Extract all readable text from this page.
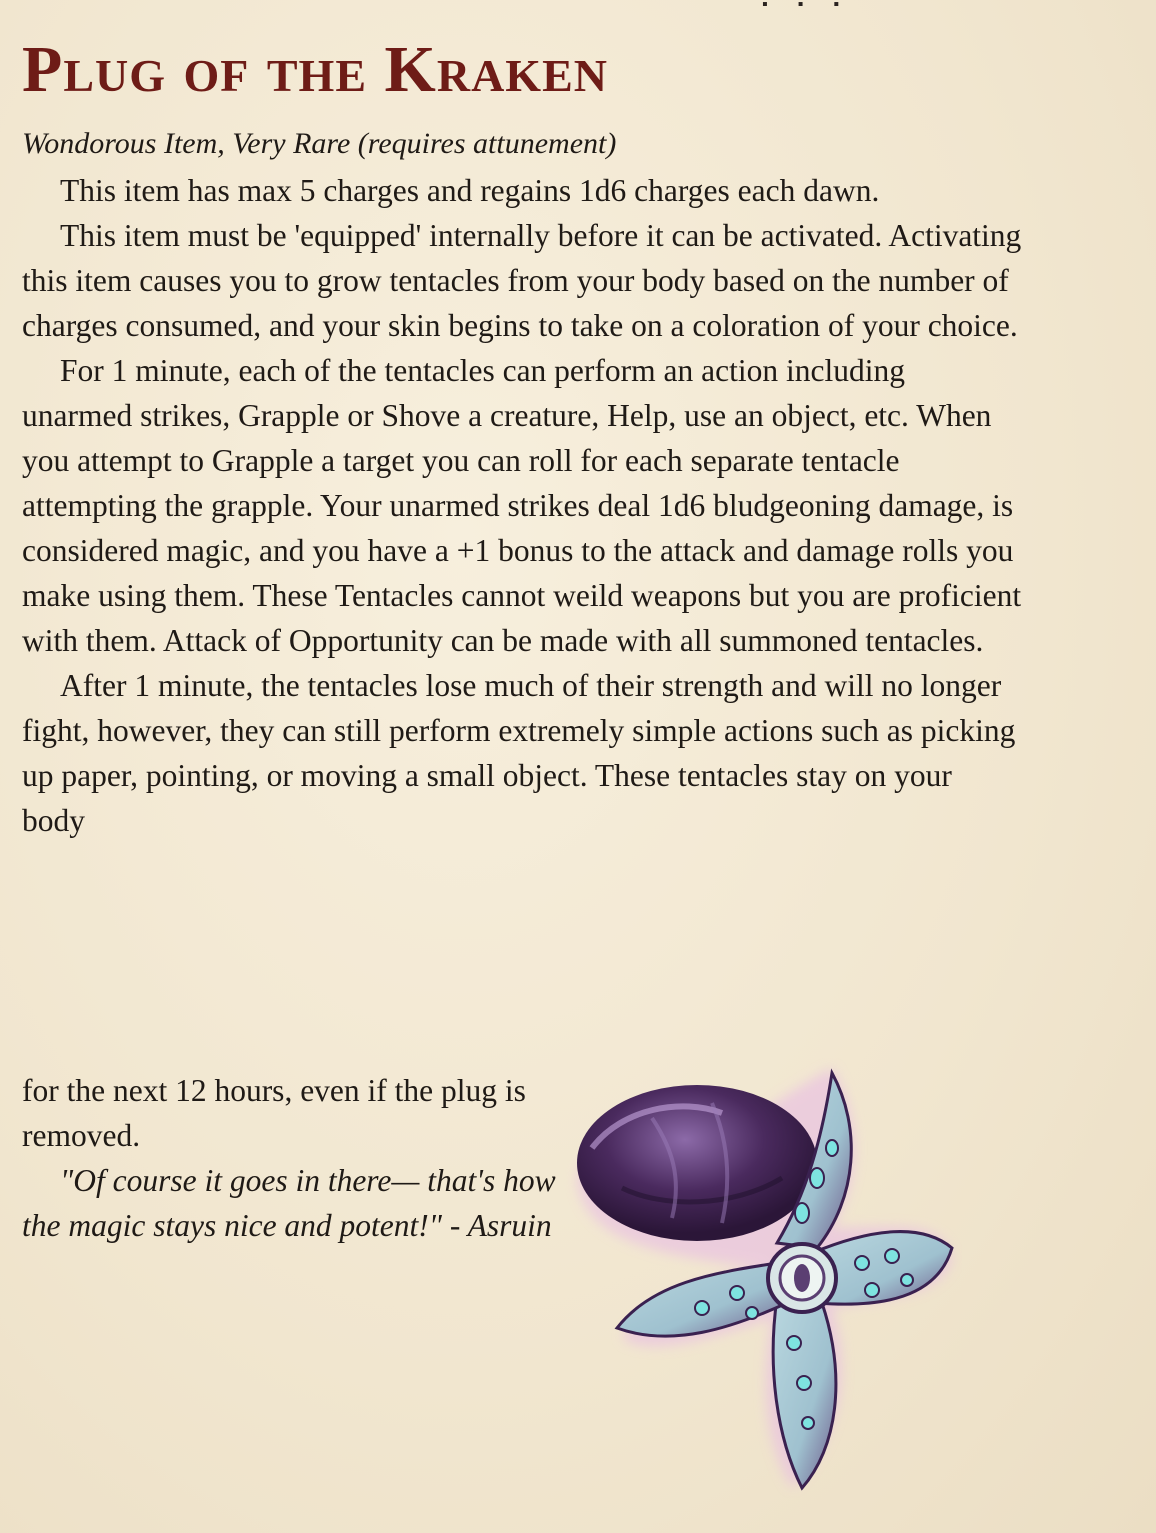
▪▪▪
Plug of the Kraken

Wondorous Item, Very Rare (requires attunement)

This item has max 5 charges and regains 1d6 charges each dawn.

This item must be 'equipped' internally before it can be activated. Activating this item causes you to grow tentacles from your body based on the number of charges consumed, and your skin begins to take on a coloration of your choice.

For 1 minute, each of the tentacles can perform an action including unarmed strikes, Grapple or Shove a creature, Help, use an object, etc. When you attempt to Grapple a target you can roll for each separate tentacle attempting the grapple. Your unarmed strikes deal 1d6 bludgeoning damage, is considered magic, and you have a +1 bonus to the attack and damage rolls you make using them. These Tentacles cannot weild weapons but you are proficient with them. Attack of Opportunity can be made with all summoned tentacles.

After 1 minute, the tentacles lose much of their strength and will no longer fight, however, they can still perform extremely simple actions such as picking up paper, pointing, or moving a small object. These tentacles stay on your body

for the next 12 hours, even if the plug is removed.

"Of course it goes in there— that's how the magic stays nice and potent!" - Asruin
